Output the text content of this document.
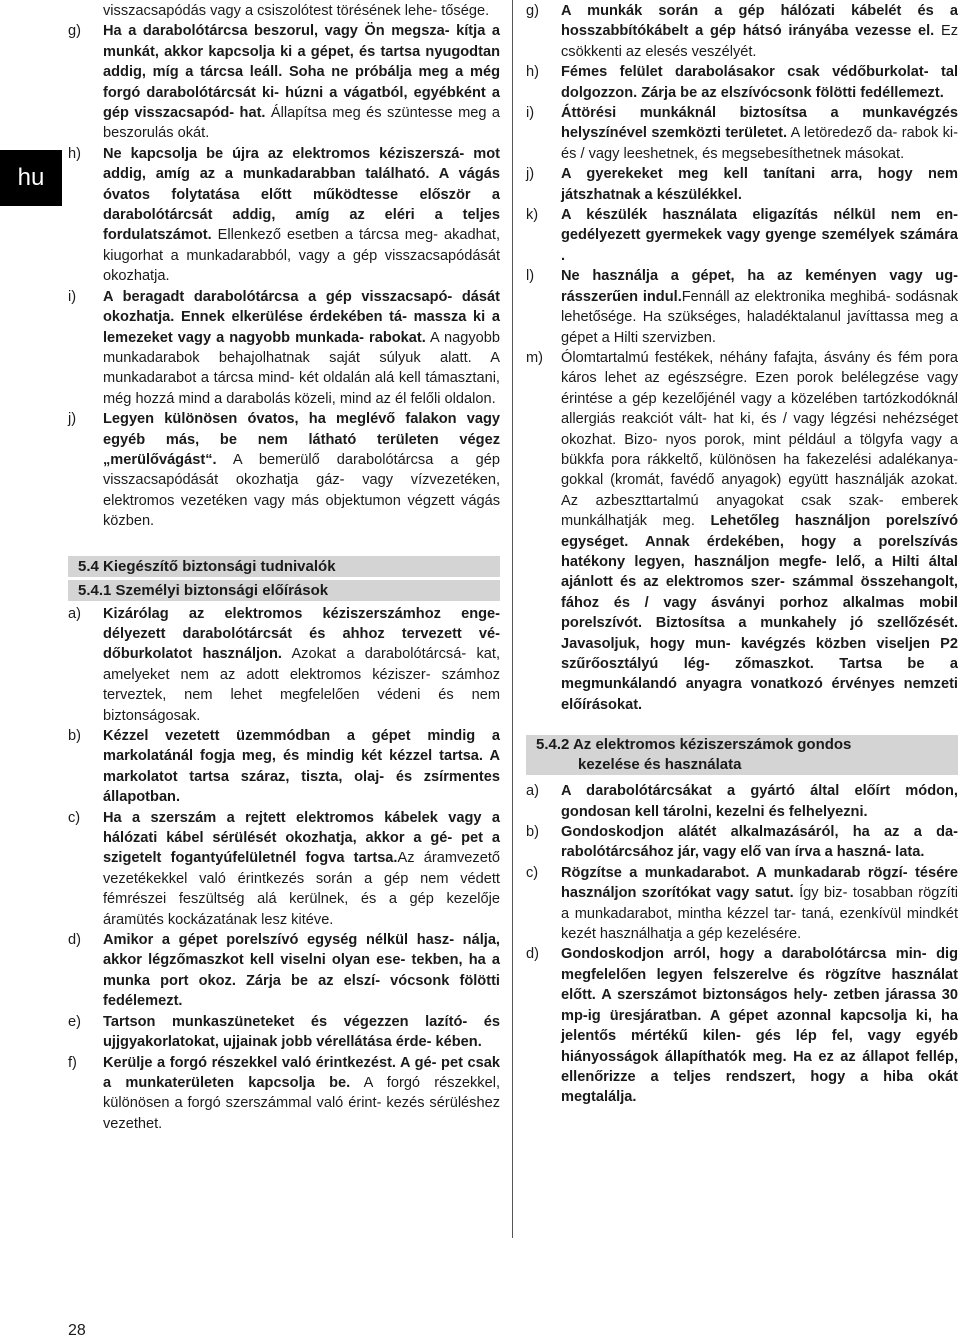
hu
visszacsapódás vagy a csiszolótest törésének lehe‑ tősége.
g) Ha a darabolótárcsa beszorul, vagy Ön megsza‑ kítja a munkát, akkor kapcsolja ki a gépet, és tartsa nyugodtan addig, míg a tárcsa leáll. Soha ne próbálja meg a még forgó darabolótárcsát ki‑ húzni a vágatból, egyébként a gép visszacsapód‑ hat. Állapítsa meg és szüntesse meg a beszorulás okát.
h) Ne kapcsolja be újra az elektromos kéziszerszá‑ mot addig, amíg az a munkadarabban található. A vágás óvatos folytatása előtt működtesse először a darabolótárcsát addig, amíg az eléri a teljes fordulatszámot. Ellenkező esetben a tárcsa meg‑ akadhat, kiugorhat a munkadarabból, vagy a gép visszacsapódását okozhatja.
i) A beragadt darabolótárcsa a gép visszacsapó‑ dását okozhatja. Ennek elkerülése érdekében tá‑ massza ki a lemezeket vagy a nagyobb munkada‑ rabokat. A nagyobb munkadarabok behajolhatnak saját súlyuk alatt. A munkadarabot a tárcsa mind‑ két oldalán alá kell támasztani, még hozzá mind a darabolás közeli, mind az él felőli oldalon.
j) Legyen különösen óvatos, ha meglévő falakon vagy egyéb más, be nem látható területen végez „merülővágást“. A bemerülő darabolótárcsa a gép visszacsapódását okozhatja gáz‑ vagy vízvezetéken, elektromos vezetéken vagy más objektumon végzett vágás közben.
5.4 Kiegészítő biztonsági tudnivalók
5.4.1 Személyi biztonsági előírások
a) Kizárólag az elektromos kéziszerszámhoz enge‑ délyezett darabolótárcsát és ahhoz tervezett vé‑ dőburkolatot használjon. Azokat a darabolótárcsá‑ kat, amelyeket nem az adott elektromos kéziszer‑ számhoz terveztek, nem lehet megfelelően védeni és nem biztonságosak.
b) Kézzel vezetett üzemmódban a gépet mindig a markolatánál fogja meg, és mindig két kézzel tartsa. A markolatot tartsa száraz, tiszta, olaj‑ és zsírmentes állapotban.
c) Ha a szerszám a rejtett elektromos kábelek vagy a hálózati kábel sérülését okozhatja, akkor a gé‑ pet a szigetelt fogantyúfelületnél fogva tartsa.Az áramvezető vezetékekkel való érintkezés során a gép nem védett fémrészei feszültség alá kerülnek, és a gép kezelője áramütés kockázatának lesz kitéve.
d) Amikor a gépet porelszívó egység nélkül hasz‑ nálja, akkor légzőmaszkot kell viselni olyan ese‑ tekben, ha a munka port okoz. Zárja be az elszí‑ vócsonk fölötti fedélemezt.
e) Tartson munkaszüneteket és végezzen lazító‑ és ujjgyakorlatokat, ujjainak jobb vérellátása érde‑ kében.
f) Kerülje a forgó részekkel való érintkezést. A gé‑ pet csak a munkaterületen kapcsolja be. A forgó részekkel, különösen a forgó szerszámmal való érint‑ kezés sérüléshez vezethet.
g) A munkák során a gép hálózati kábelét és a hosszabbítókábelt a gép hátsó irányába vezesse el. Ez csökkenti az elesés veszélyét.
h) Fémes felület darabolásakor csak védőburkolat‑ tal dolgozzon. Zárja be az elszívócsonk fölötti fedéllemezt.
i) Áttörési munkáknál biztosítsa a munkavégzés helyszínével szemközti területet. A letöredező da‑ rabok ki‑ és / vagy leeshetnek, és megsebesíthetnek másokat.
j) A gyerekeket meg kell tanítani arra, hogy nem játszhatnak a készülékkel.
k) A készülék használata eligazítás nélkül nem en‑ gedélyezett gyermekek vagy gyenge személyek számára .
l) Ne használja a gépet, ha az keményen vagy ug‑ rásszerűen indul.Fennáll az elektronika meghibá‑ sodásnak lehetősége. Ha szükséges, haladéktalanul javíttassa meg a gépet a Hilti szervizben.
m) Ólomtartalmú festékek, néhány fafajta, ásvány és fém pora káros lehet az egészségre. Ezen porok belélegzése vagy érintése a gép kezelőjénél vagy a közelében tartózkodóknál allergiás reakciót vált‑ hat ki, és / vagy légzési nehézséget okozhat. Bizo‑ nyos porok, mint például a tölgyfa vagy a bükkfa pora rákkeltő, különösen ha fakezelési adalékanya‑ gokkal (kromát, favédő anyagok) együtt használják azokat. Az azbeszttartalmú anyagokat csak szak‑ emberek munkálhatják meg. Lehetőleg használjon porelszívó egységet. Annak érdekében, hogy a porelszívás hatékony legyen, használjon megfe‑ lelő, a Hilti által ajánlott és az elektromos szer‑ számmal összehangolt, fához és / vagy ásványi porhoz alkalmas mobil porelszívót. Biztosítsa a munkahely jó szellőzését. Javasoljuk, hogy mun‑ kavégzés közben viseljen P2 szűrőosztályú lég‑ zőmaszkot. Tartsa be a megmunkálandó anyagra vonatkozó érvényes nemzeti előírásokat.
5.4.2 Az elektromos kéziszerszámok gondos
kezelése és használata
a) A darabolótárcsákat a gyártó által előírt módon, gondosan kell tárolni, kezelni és felhelyezni.
b) Gondoskodjon alátét alkalmazásáról, ha az a da‑ rabolótárcsához jár, vagy elő van írva a haszná‑ lata.
c) Rögzítse a munkadarabot. A munkadarab rögzí‑ tésére használjon szorítókat vagy satut. Így biz‑ tosabban rögzíti a munkadarabot, mintha kézzel tar‑ taná, ezenkívül mindkét kezét használhatja a gép kezelésére.
d) Gondoskodjon arról, hogy a darabolótárcsa min‑ dig megfelelően legyen felszerelve és rögzítve használat előtt. A szerszámot biztonságos hely‑ zetben járassa 30 mp‑ig üresjáratban. A gépet azonnal kapcsolja ki, ha jelentős mértékű kilen‑ gés lép fel, vagy egyéb hiányosságok állapíthatók meg. Ha ez az állapot fellép, ellenőrizze a teljes rendszert, hogy a hiba okát megtalálja.
28
